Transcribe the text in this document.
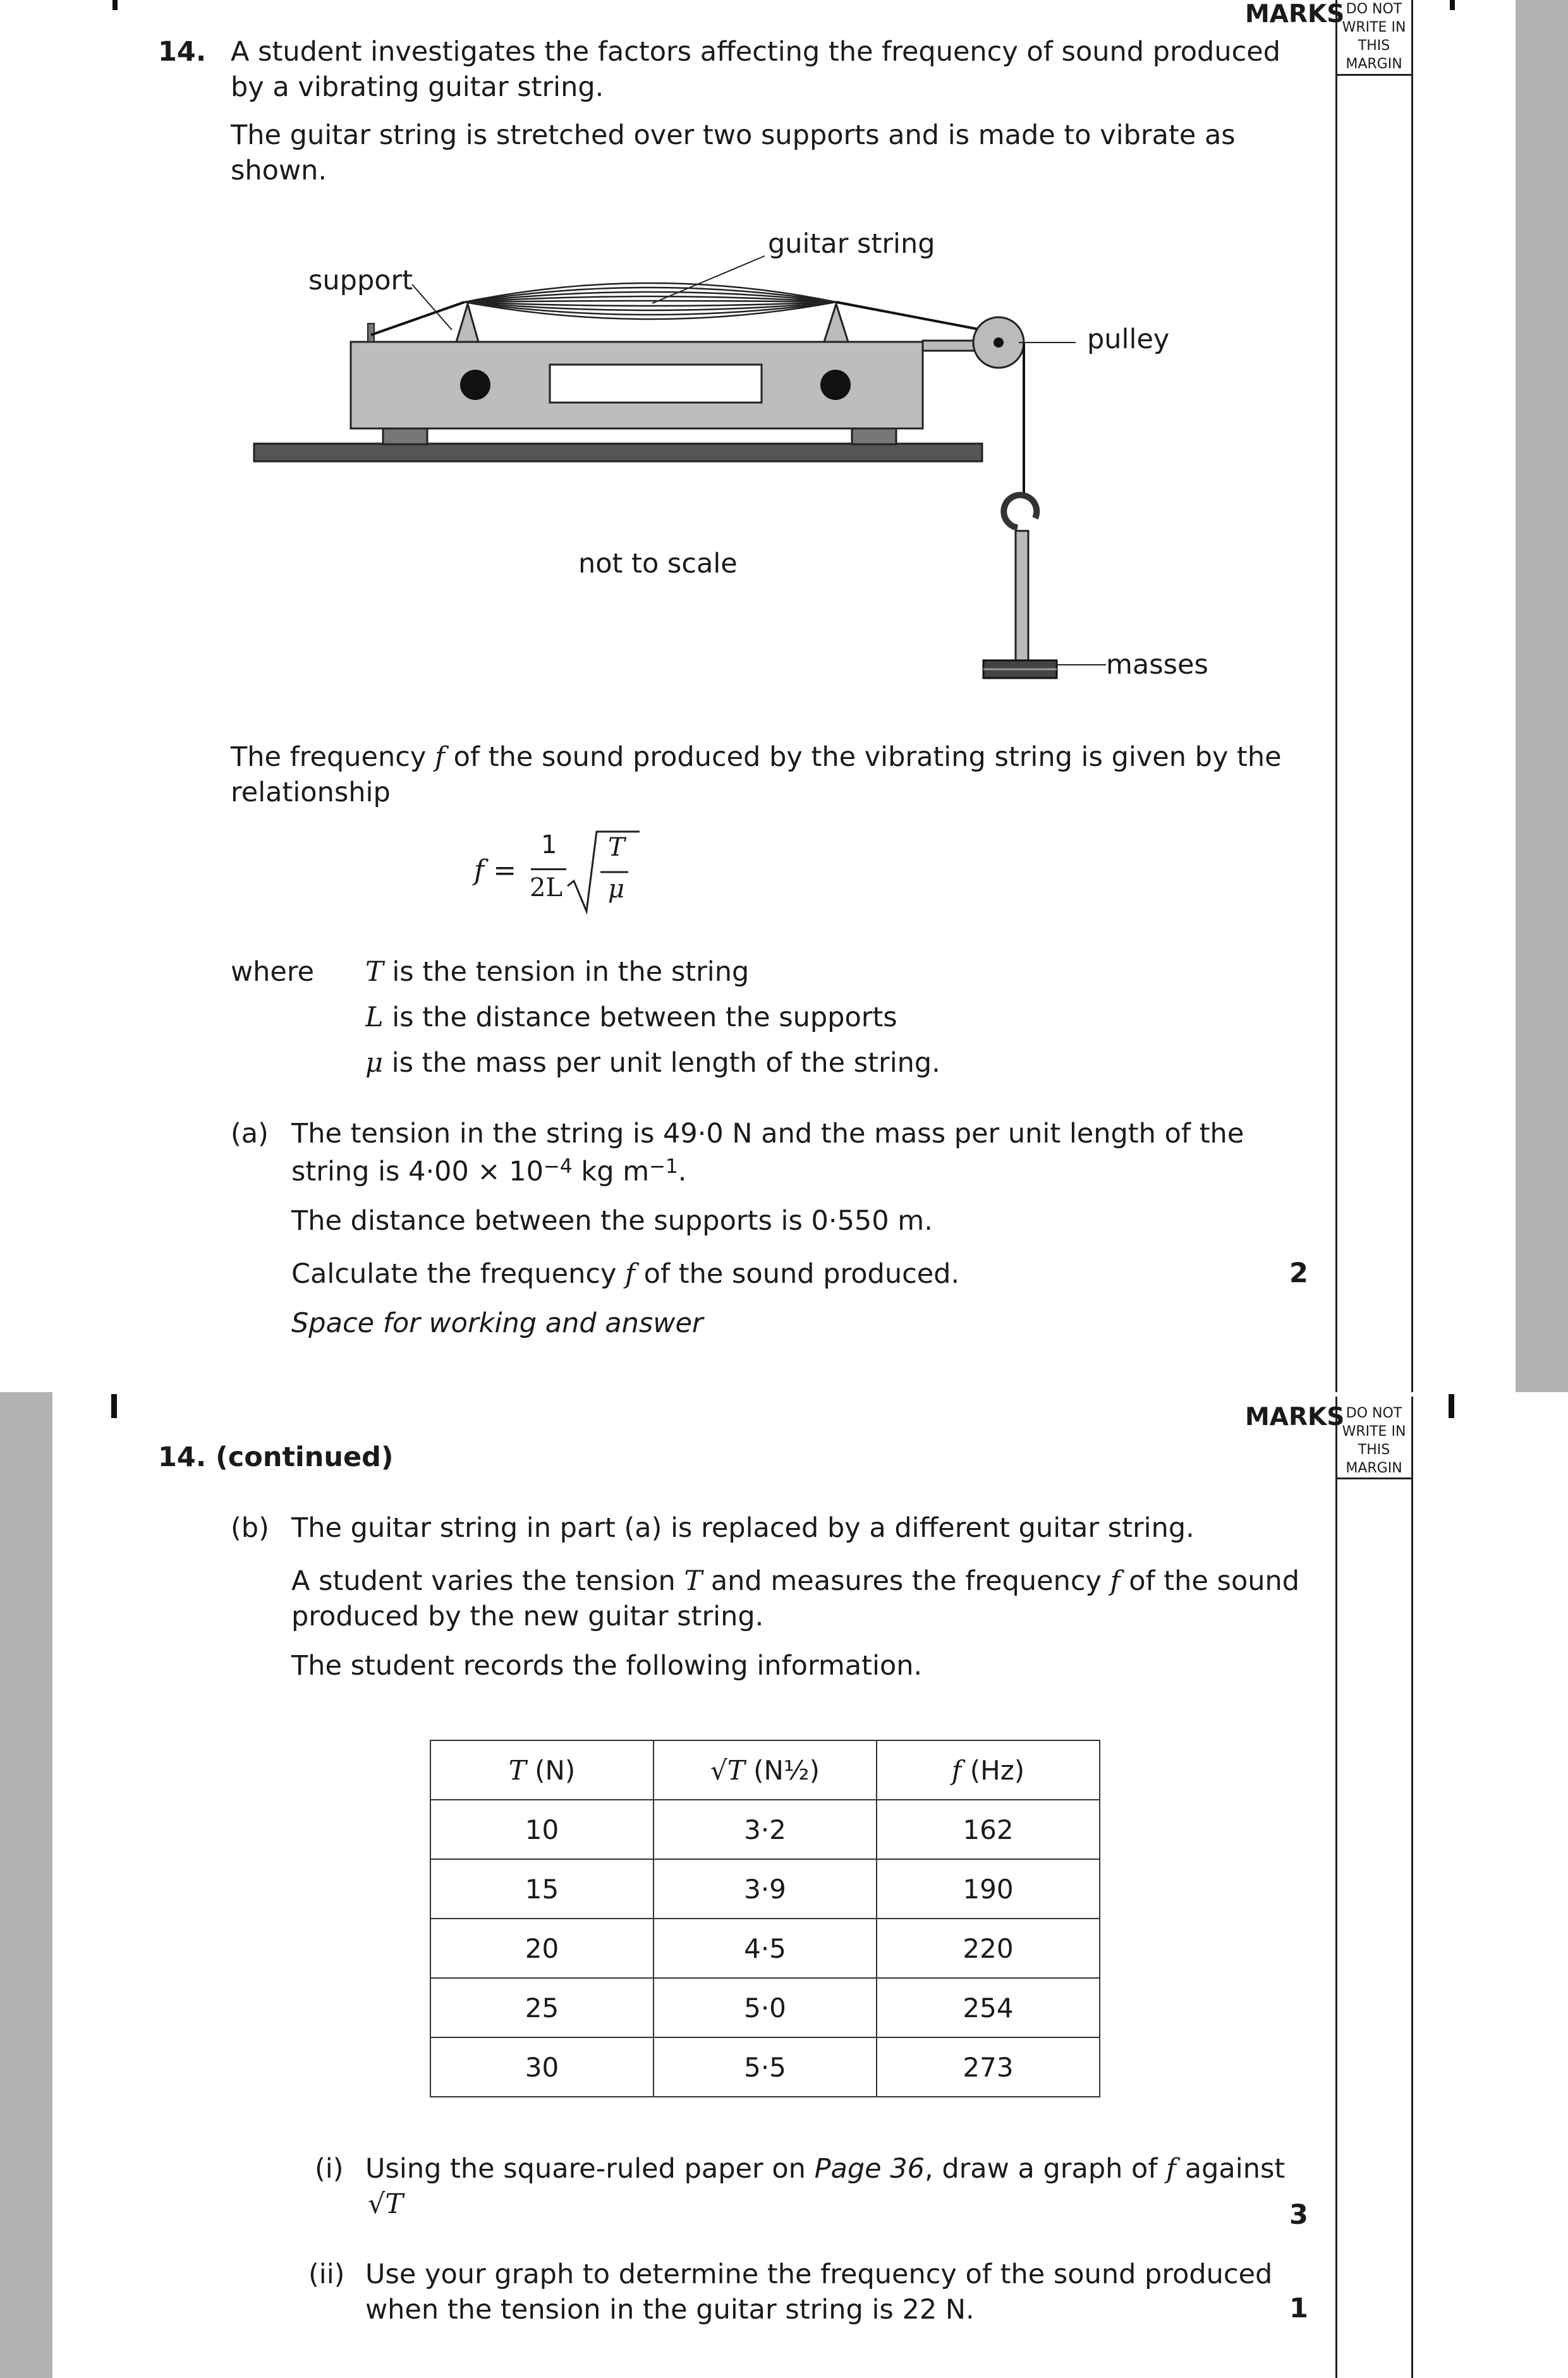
MARKS DO NOT
WRITE IN
THIS
MARGIN
14. A student investigates the factors affecting the frequency of sound produced
by a vibrating guitar string.
The guitar string is stretched over two supports and is made to vibrate as
shown.
guitar string
support
pulley
not to scale
masses
The frequency f of the sound produced by the vibrating string is given by the
relationship
f =
1
2L
T
μ
where T is the tension in the string
L is the distance between the supports
μ is the mass per unit length of the string.
(a) The tension in the string is 49·0 N and the mass per unit length of the
string is $4\cdot 00 \times 10^{-4}$ kg $m^{-1}$.
The distance between the supports is 0·550 m.
Calculate the frequency f of the sound produced.	2
Space for working and answer
MARKS DO NOT
WRITE IN
THIS
MARGIN
14. (continued)
(b) The guitar string in part (a) is replaced by a different guitar string.
A student varies the tension T and measures the frequency f of the sound
produced by the new guitar string.
The student records the following information.
T (N)	√T (N½)	f (Hz)
10	3·2	162
15	3·9	190
20	4·5	220
25	5·0	254
30	5·5	273
(i) Using the square-ruled paper on Page 36, draw a graph of f against
√T	3
(ii) Use your graph to determine the frequency of the sound produced
when the tension in the guitar string is 22 N.	1
